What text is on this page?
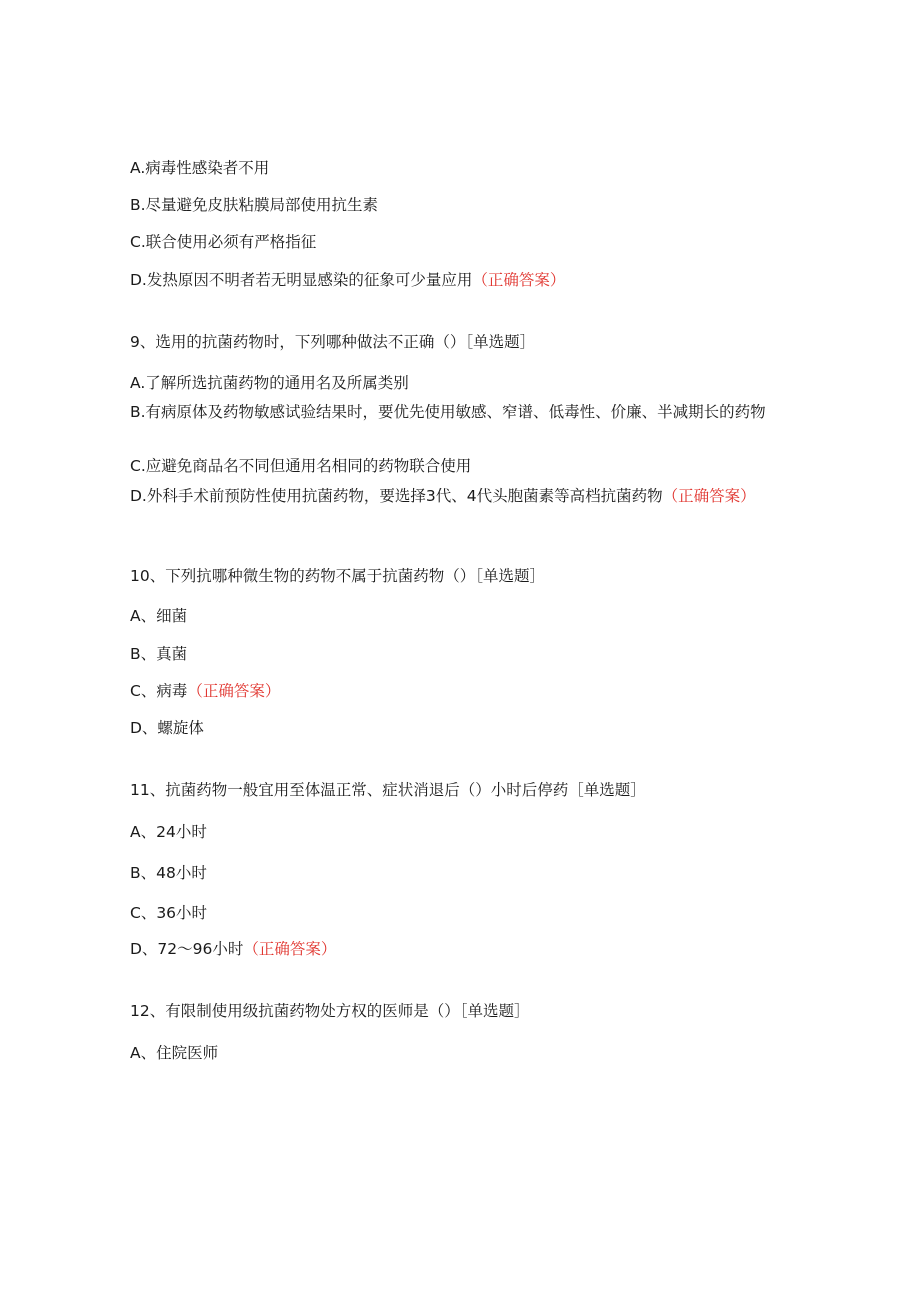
A.病毒性感染者不用
B.尽量避免皮肤粘膜局部使用抗生素
C.联合使用必须有严格指征
D.发热原因不明者若无明显感染的征象可少量应用（正确答案）
9、选用的抗菌药物时，下列哪种做法不正确（）［单选题］
A.了解所选抗菌药物的通用名及所属类别
B.有病原体及药物敏感试验结果时，要优先使用敏感、窄谱、低毒性、价廉、半减期长的药物
C.应避免商品名不同但通用名相同的药物联合使用
D.外科手术前预防性使用抗菌药物，要选择3代、4代头胞菌素等高档抗菌药物（正确答案）
10、下列抗哪种微生物的药物不属于抗菌药物（）［单选题］
A、细菌
B、真菌
C、病毒（正确答案）
D、螺旋体
11、抗菌药物一般宜用至体温正常、症状消退后（）小时后停药［单选题］
A、24小时
B、48小时
C、36小时
D、72～96小时（正确答案）
12、有限制使用级抗菌药物处方权的医师是（）［单选题］
A、住院医师
